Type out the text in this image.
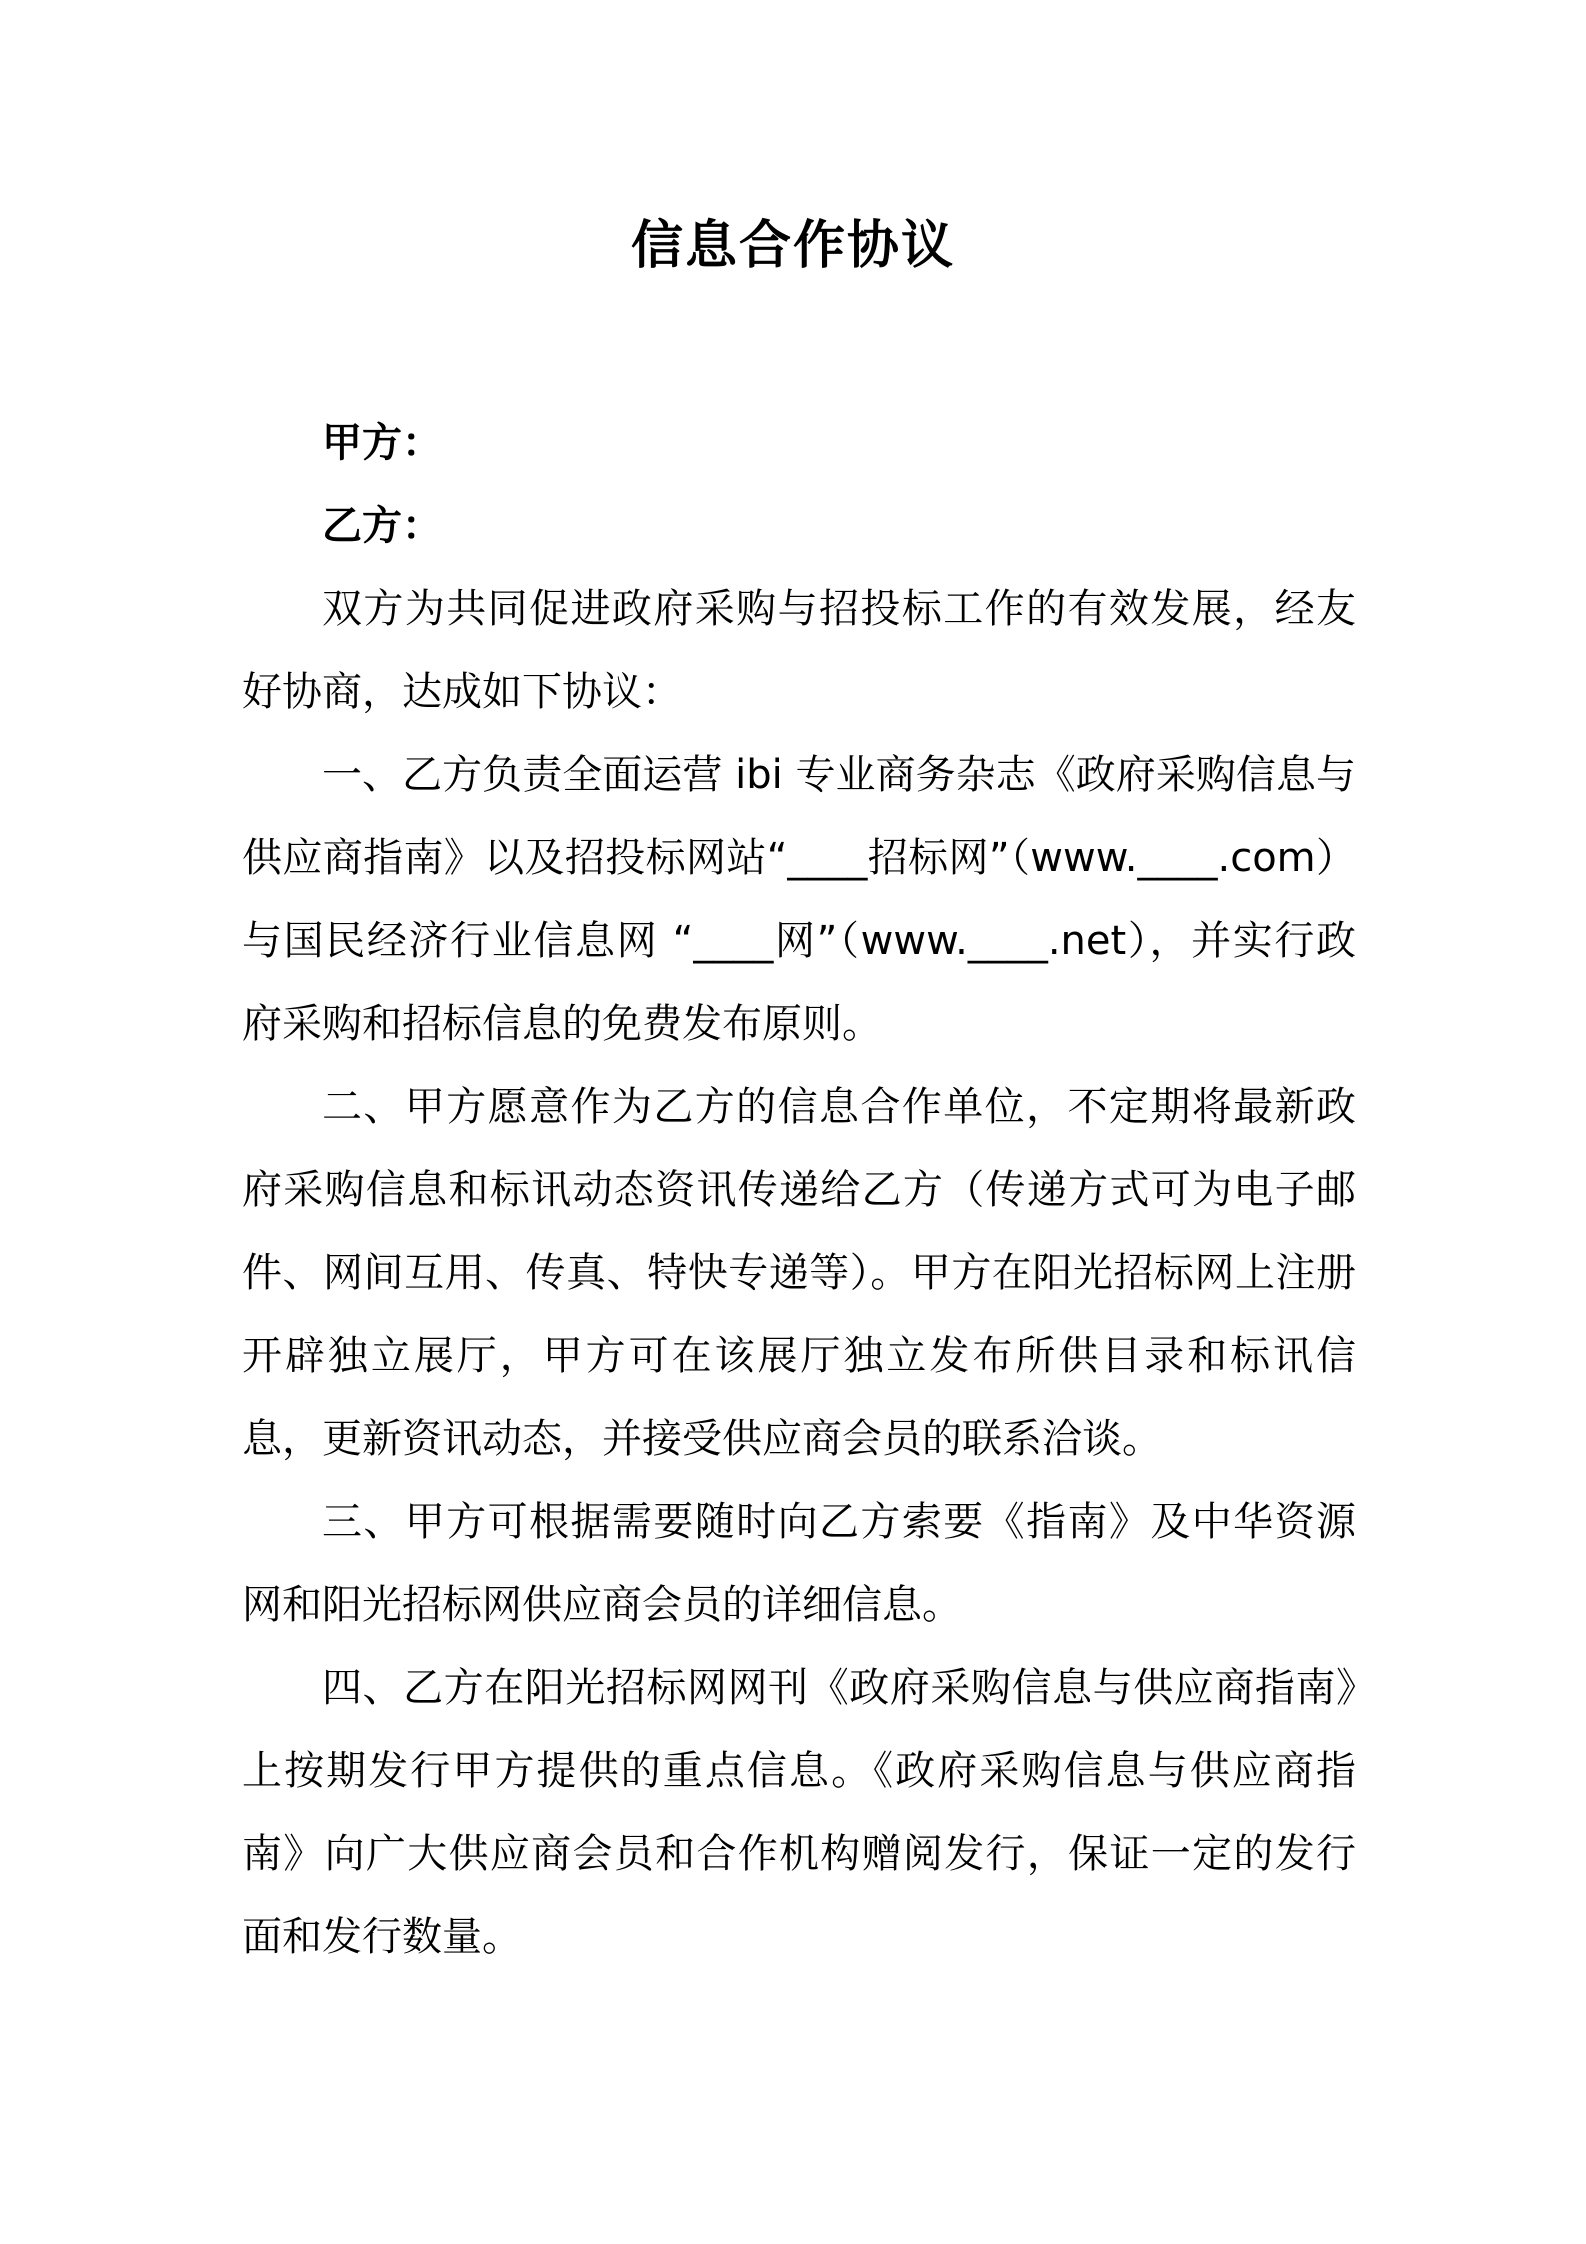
信息合作协议

甲方：

乙方：

双方为共同促进政府采购与招投标工作的有效发展，经友好协商，达成如下协议：

一、乙方负责全面运营 ibi 专业商务杂志《政府采购信息与供应商指南》以及招投标网站“____招标网”（www.____.com）与国民经济行业信息网 “____网”（www.____.net），并实行政府采购和招标信息的免费发布原则。

二、甲方愿意作为乙方的信息合作单位，不定期将最新政府采购信息和标讯动态资讯传递给乙方（传递方式可为电子邮件、网间互用、传真、特快专递等）。甲方在阳光招标网上注册开辟独立展厅，甲方可在该展厅独立发布所供目录和标讯信息，更新资讯动态，并接受供应商会员的联系洽谈。

三、甲方可根据需要随时向乙方索要《指南》及中华资源网和阳光招标网供应商会员的详细信息。

四、乙方在阳光招标网网刊《政府采购信息与供应商指南》上按期发行甲方提供的重点信息。《政府采购信息与供应商指南》向广大供应商会员和合作机构赠阅发行，保证一定的发行面和发行数量。
